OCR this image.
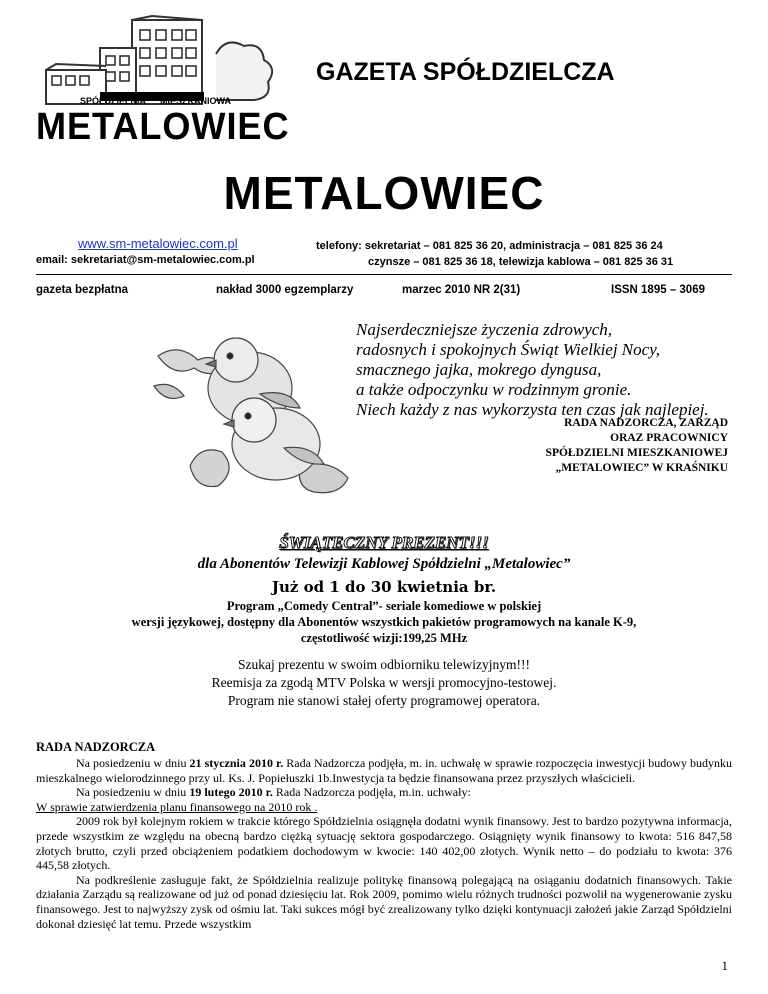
SPÓŁDZIELNIA MIESZKANIOWA
METALOWIEC
GAZETA SPÓŁDZIELCZA
METALOWIEC
www.sm-metalowiec.com.pl
email: sekretariat@sm-metalowiec.com.pl
telefony: sekretariat – 081 825 36 20, administracja – 081 825 36 24
czynsze – 081 825 36 18, telewizja kablowa – 081 825 36 31
gazeta bezpłatna	nakład 3000 egzemplarzy	marzec 2010 NR 2(31)	ISSN 1895 – 3069
Najserdeczniejsze życzenia zdrowych,
radosnych i spokojnych Świąt Wielkiej Nocy,
smacznego jajka, mokrego dyngusa,
a także odpoczynku w rodzinnym gronie.
Niech każdy z nas wykorzysta ten czas jak najlepiej.
RADA NADZORCZA, ZARZĄD
ORAZ PRACOWNICY
SPÓŁDZIELNI MIESZKANIOWEJ
„METALOWIEC” W KRAŚNIKU
ŚWIĄTECZNY PREZENT!!!
dla Abonentów Telewizji Kablowej Spółdzielni „Metalowiec”
Już od 1 do 30 kwietnia br.
Program „Comedy Central”- seriale komediowe w polskiej
wersji językowej, dostępny dla Abonentów wszystkich pakietów programowych na kanale K-9,
częstotliwość wizji:199,25 MHz
Szukaj prezentu w swoim odbiorniku telewizyjnym!!!
Reemisja za zgodą MTV Polska w wersji promocyjno-testowej.
Program nie stanowi stałej oferty programowej operatora.
RADA NADZORCZA

Na posiedzeniu w dniu 21 stycznia 2010 r. Rada Nadzorcza podjęła, m. in. uchwałę w sprawie rozpoczęcia inwestycji budowy budynku mieszkalnego wielorodzinnego przy ul. Ks. J. Popiełuszki 1b.Inwestycja ta będzie finansowana przez przyszłych właścicieli.

Na posiedzeniu w dniu 19 lutego 2010 r. Rada Nadzorcza podjęła, m.in. uchwały:

W sprawie zatwierdzenia planu finansowego na 2010 rok .

2009 rok był kolejnym rokiem w trakcie którego Spółdzielnia osiągnęła dodatni wynik finansowy. Jest to bardzo pozytywna informacja, przede wszystkim ze względu na obecną bardzo ciężką sytuację sektora gospodarczego. Osiągnięty wynik finansowy to kwota: 516 847,58 złotych brutto, czyli przed obciążeniem podatkiem dochodowym w kwocie: 140 402,00 złotych. Wynik netto – do podziału to kwota: 376 445,58 złotych.

Na podkreślenie zasługuje fakt, że Spółdzielnia realizuje politykę finansową polegającą na osiąganiu dodatnich finansowych. Takie działania Zarządu są realizowane od już od ponad dziesięciu lat. Rok 2009, pomimo wielu różnych trudności pozwolił na wygenerowanie zysku finansowego. Jest to najwyższy zysk od ośmiu lat. Taki sukces mógł być zrealizowany tylko dzięki kontynuacji założeń jakie Zarząd Spółdzielni dokonał dziesięć lat temu. Przede wszystkim

1
